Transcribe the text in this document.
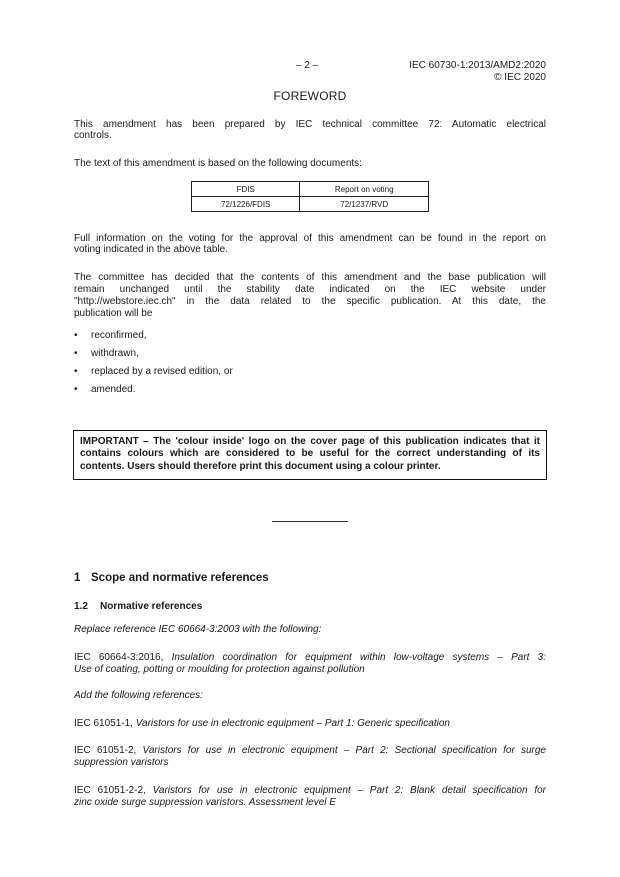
– 2 –	IEC 60730-1:2013/AMD2:2020
© IEC 2020
FOREWORD
This amendment has been prepared by IEC technical committee 72: Automatic electrical
controls.
The text of this amendment is based on the following documents:
FDIS	Report on voting
72/1226/FDIS	72/1237/RVD
Full information on the voting for the approval of this amendment can be found in the report on
voting indicated in the above table.
The committee has decided that the contents of this amendment and the base publication will
remain unchanged until the stability date indicated on the IEC website under
"http://webstore.iec.ch" in the data related to the specific publication. At this date, the
publication will be
• reconfirmed,
• withdrawn,
• replaced by a revised edition, or
• amended.
IMPORTANT – The 'colour inside' logo on the cover page of this publication indicates that it contains colours which are considered to be useful for the correct understanding of its contents. Users should therefore print this document using a colour printer.
1 Scope and normative references
1.2 Normative references
Replace reference IEC 60664-3:2003 with the following:
IEC 60664-3:2016, Insulation coordination for equipment within low-voltage systems – Part 3:
Use of coating, potting or moulding for protection against pollution
Add the following references:
IEC 61051-1, Varistors for use in electronic equipment – Part 1: Generic specification
IEC 61051-2, Varistors for use in electronic equipment – Part 2: Sectional specification for surge
suppression varistors
IEC 61051-2-2, Varistors for use in electronic equipment – Part 2: Blank detail specification for
zinc oxide surge suppression varistors. Assessment level E
